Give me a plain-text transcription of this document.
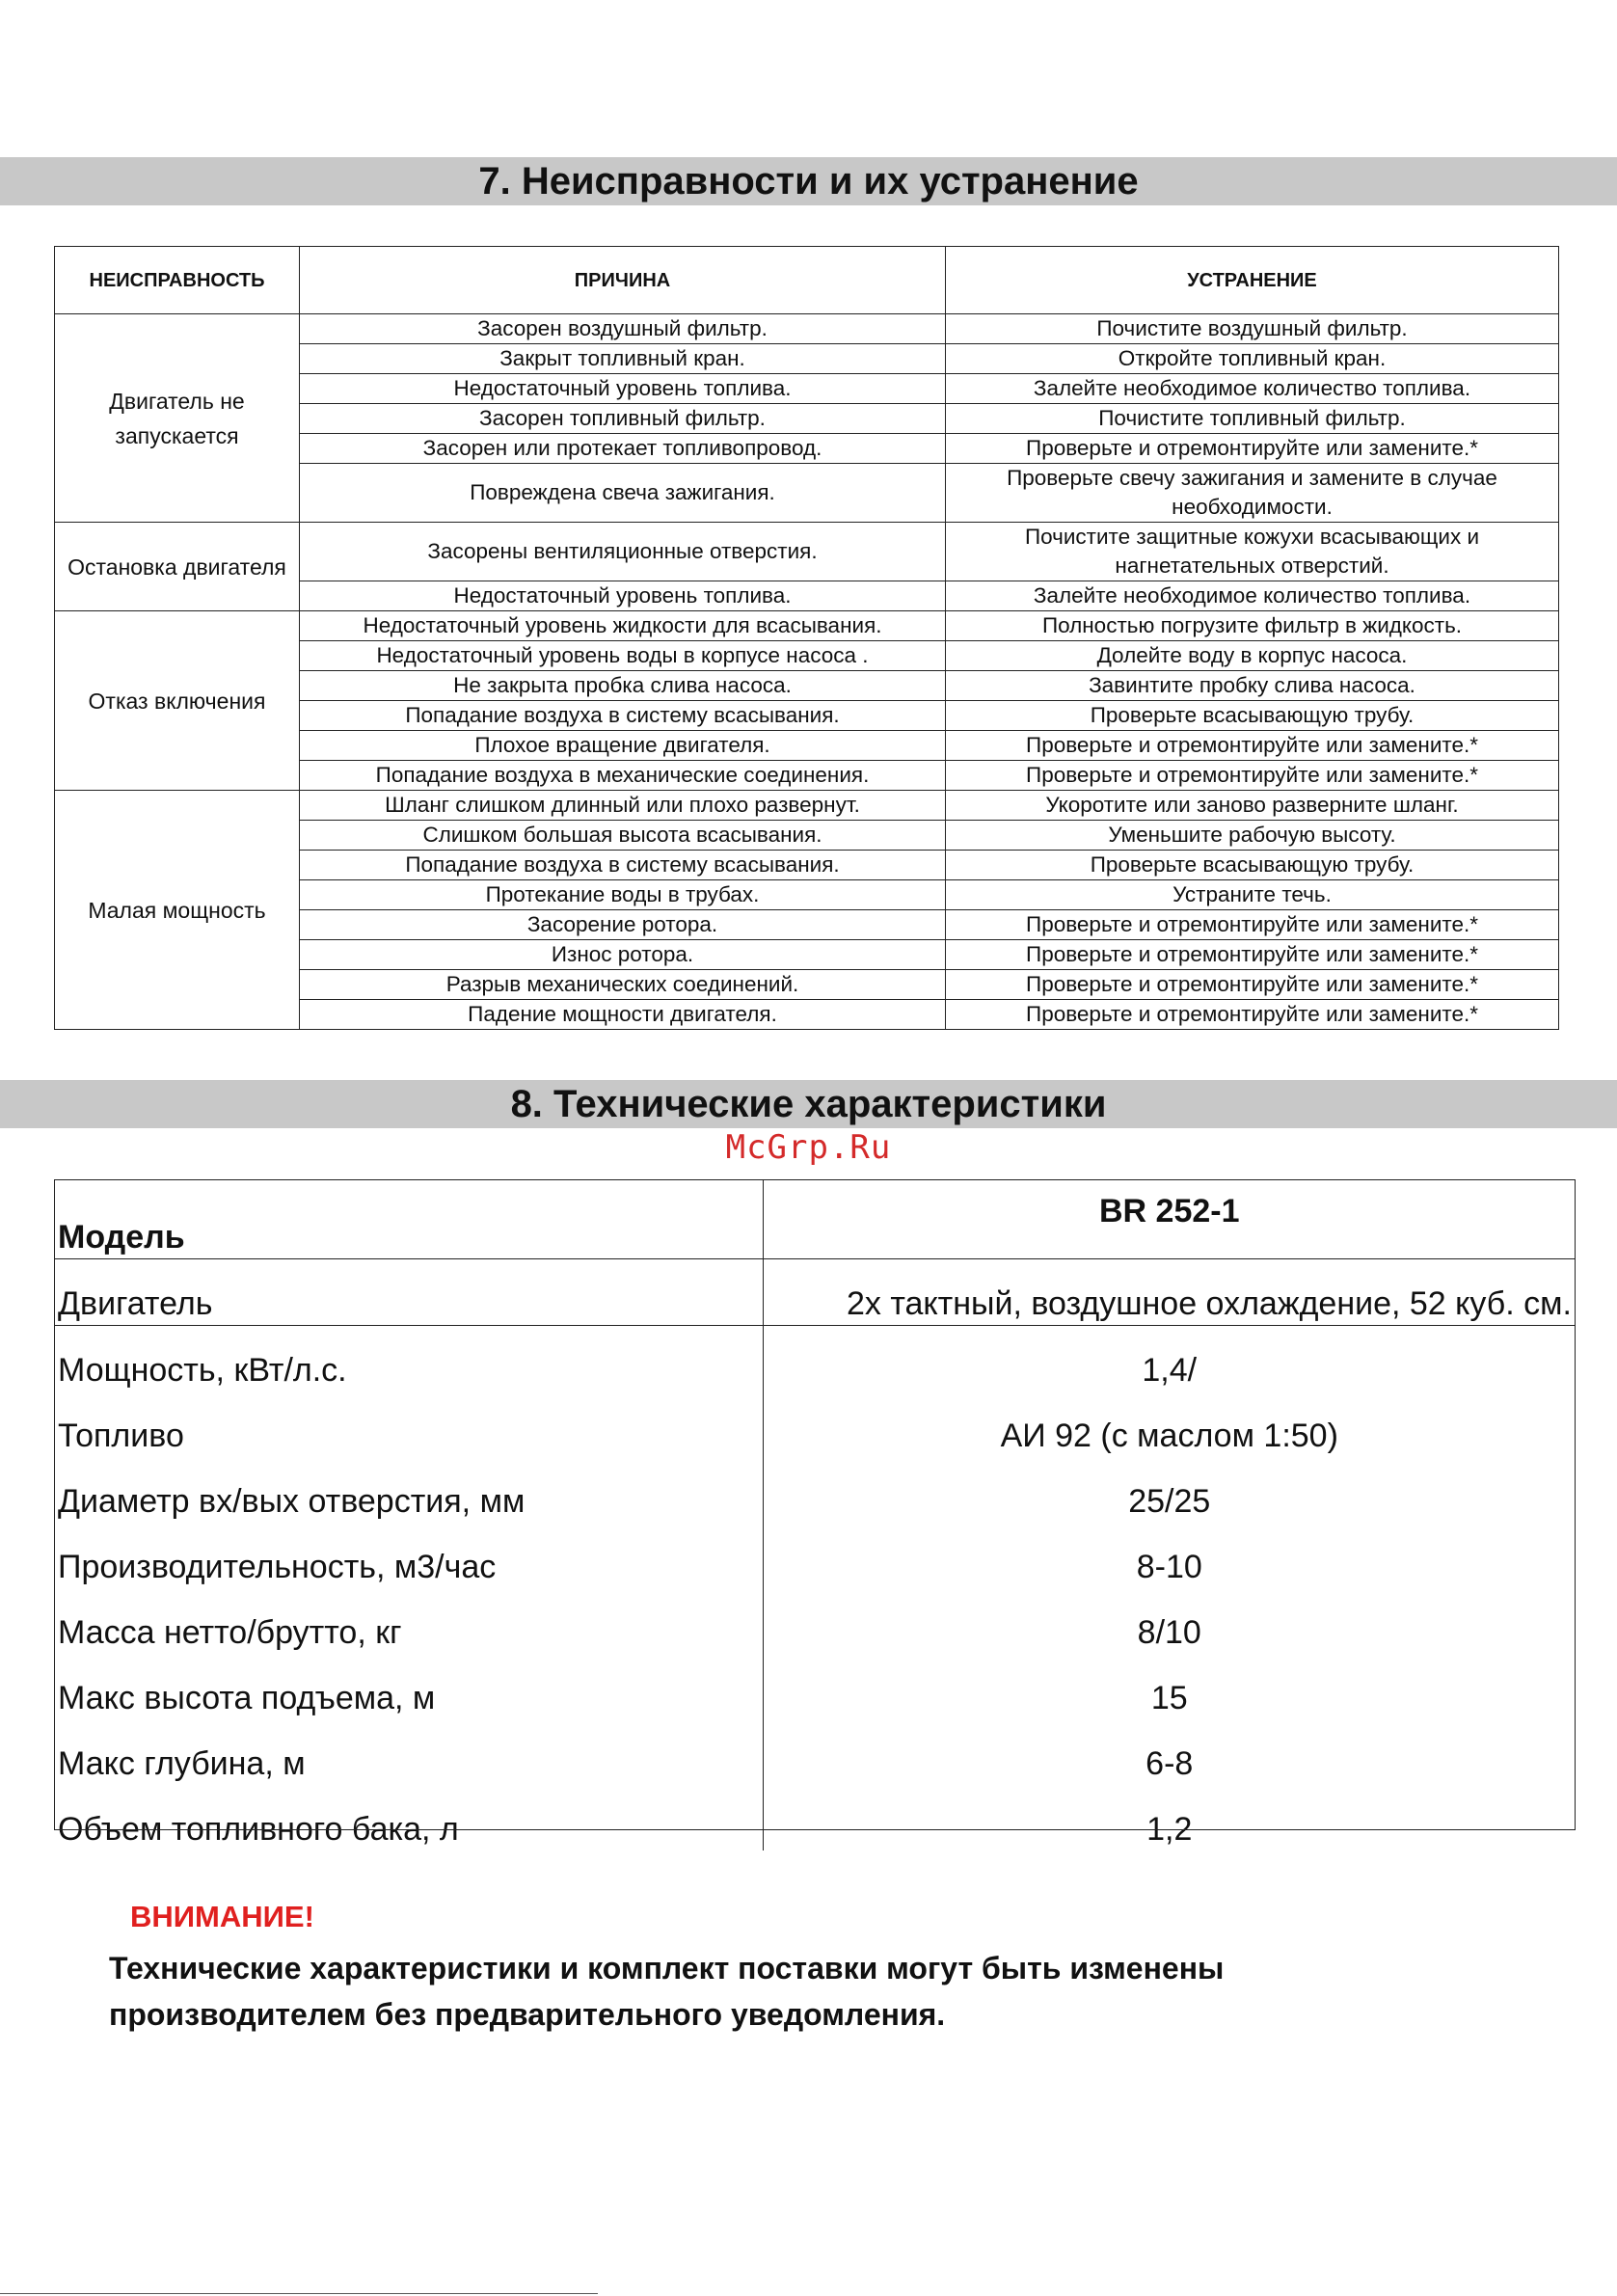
7. Неисправности и их устранение
НЕИСПРАВНОСТЬ	ПРИЧИНА	УСТРАНЕНИЕ
Двигатель не запускается	Засорен воздушный фильтр.	Почистите воздушный фильтр.
	Закрыт топливный кран.	Откройте топливный кран.
	Недостаточный уровень топлива.	Залейте необходимое количество топлива.
	Засорен топливный фильтр.	Почистите топливный фильтр.
	Засорен или протекает топливопровод.	Проверьте и отремонтируйте или замените.*
	Повреждена свеча зажигания.	Проверьте свечу зажигания и замените в случае необходимости.
Остановка двигателя	Засорены вентиляционные отверстия.	Почистите защитные кожухи всасывающих и нагнетательных отверстий.
	Недостаточный уровень топлива.	Залейте необходимое количество топлива.
Отказ включения	Недостаточный уровень жидкости для всасывания.	Полностью погрузите фильтр в жидкость.
	Недостаточный уровень воды в корпусе насоса .	Долейте воду в корпус насоса.
	Не закрыта пробка слива насоса.	Завинтите пробку слива насоса.
	Попадание воздуха в систему всасывания.	Проверьте всасывающую трубу.
	Плохое вращение двигателя.	Проверьте и отремонтируйте или замените.*
	Попадание воздуха в механические соединения.	Проверьте и отремонтируйте или замените.*
Малая мощность	Шланг слишком длинный или плохо развернут.	Укоротите или заново разверните шланг.
	Слишком большая высота всасывания.	Уменьшите рабочую высоту.
	Попадание воздуха в систему всасывания.	Проверьте всасывающую трубу.
	Протекание воды в трубах.	Устраните течь.
	Засорение ротора.	Проверьте и отремонтируйте или замените.*
	Износ ротора.	Проверьте и отремонтируйте или замените.*
	Разрыв механических соединений.	Проверьте и отремонтируйте или замените.*
	Падение мощности двигателя.	Проверьте и отремонтируйте или замените.*
8. Технические характеристики
McGrp.Ru
Модель	BR 252-1
Двигатель	2х тактный, воздушное охлаждение, 52 куб. см.
Мощность, кВт/л.с.	1,4/
Топливо	АИ 92 (с маслом 1:50)
Диаметр вх/вых отверстия, мм	25/25
Производительность, м3/час	8-10
Масса нетто/брутто, кг	8/10
Макс высота подъема, м	15
Макс глубина, м	6-8
Объем топливного бака, л	1,2
ВНИМАНИЕ!
Технические характеристики и комплект поставки могут быть изменены производителем без предварительного уведомления.
